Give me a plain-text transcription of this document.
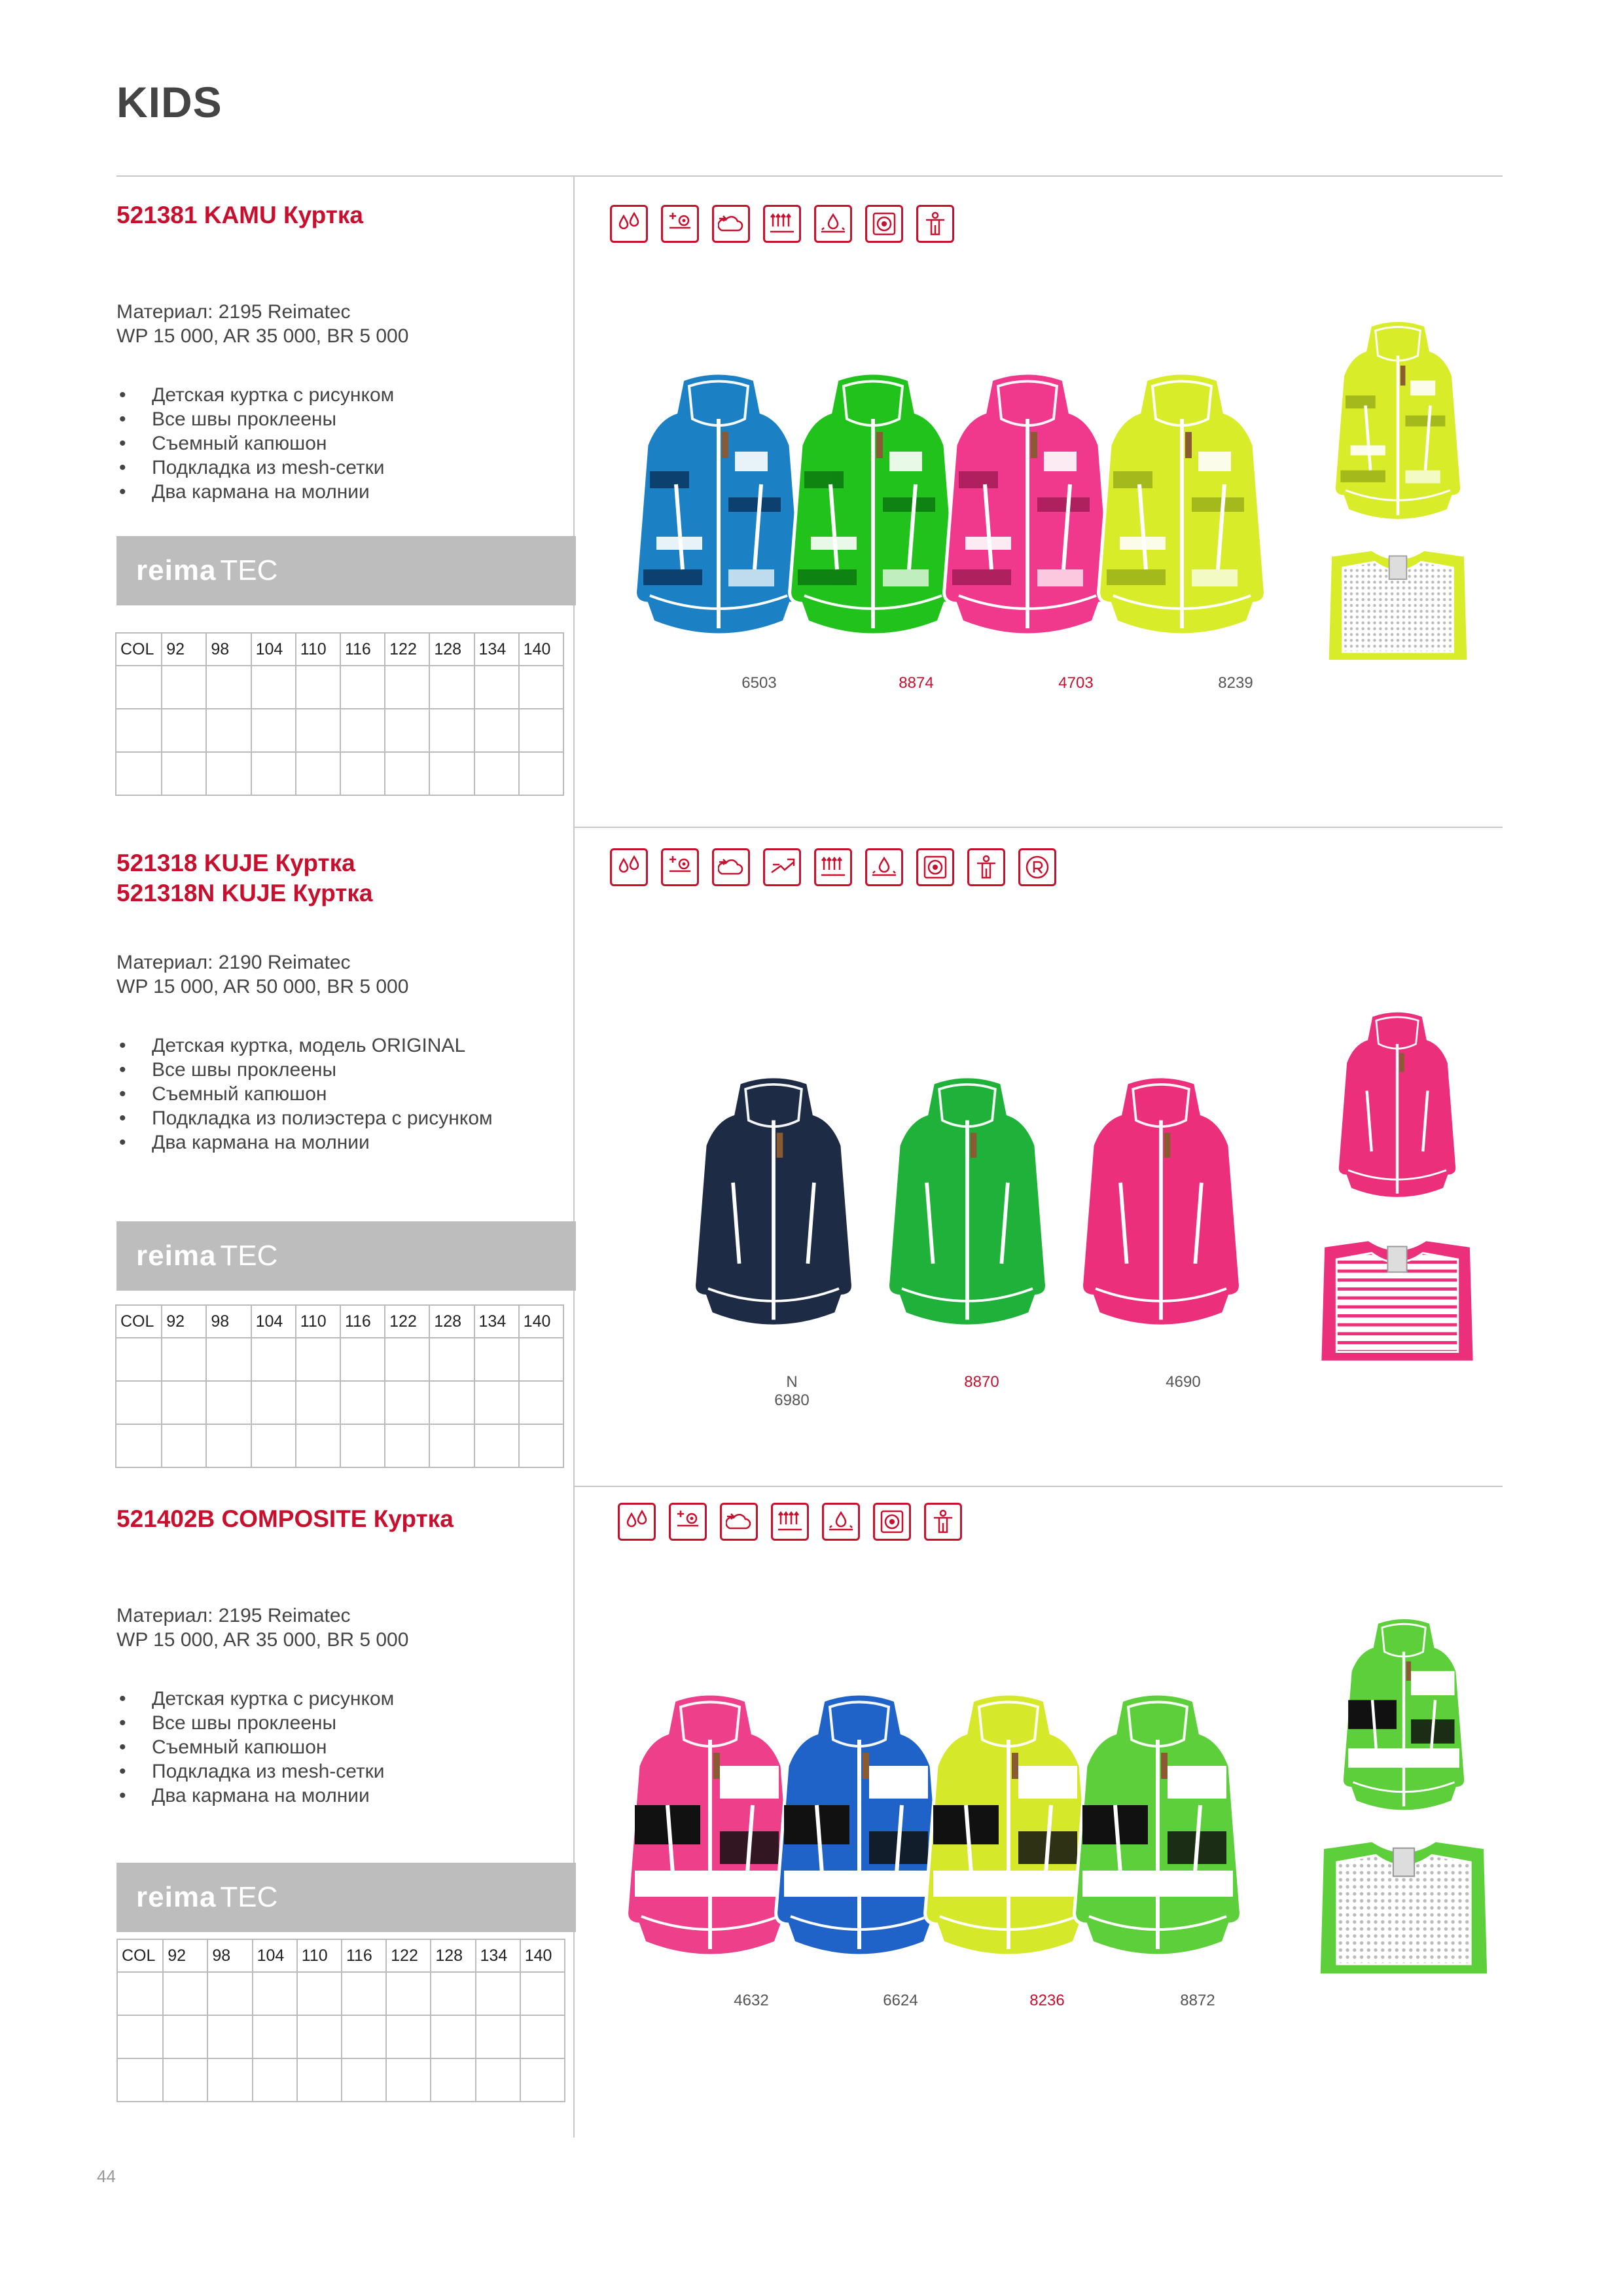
KIDS
521381 KAMU Куртка
Материал: 2195 Reimatec
WP 15 000, AR 35 000, BR 5 000
• Детская куртка с рисунком
• Все швы проклеены
• Съемный капюшон
• Подкладка из mesh-сетки
• Два кармана на молнии
reima TEC
COL	92	98	104	110	116	122	128	134	140

6503	8874	4703	8239
521318 KUJE Куртка
521318N KUJE Куртка
Материал: 2190 Reimatec
WP 15 000, AR 50 000, BR 5 000
• Детская куртка, модель ORIGINAL
• Все швы проклеены
• Съемный капюшон
• Подкладка из полиэстера с рисунком
• Два кармана на молнии
reima TEC
COL	92	98	104	110	116	122	128	134	140

N
6980
8870	4690
521402B COMPOSITE Куртка
Материал: 2195 Reimatec
WP 15 000, AR 35 000, BR 5 000
• Детская куртка с рисунком
• Все швы проклеены
• Съемный капюшон
• Подкладка из mesh-сетки
• Два кармана на молнии
reima TEC
COL	92	98	104	110	116	122	128	134	140

4632	6624	8236	8872
44
